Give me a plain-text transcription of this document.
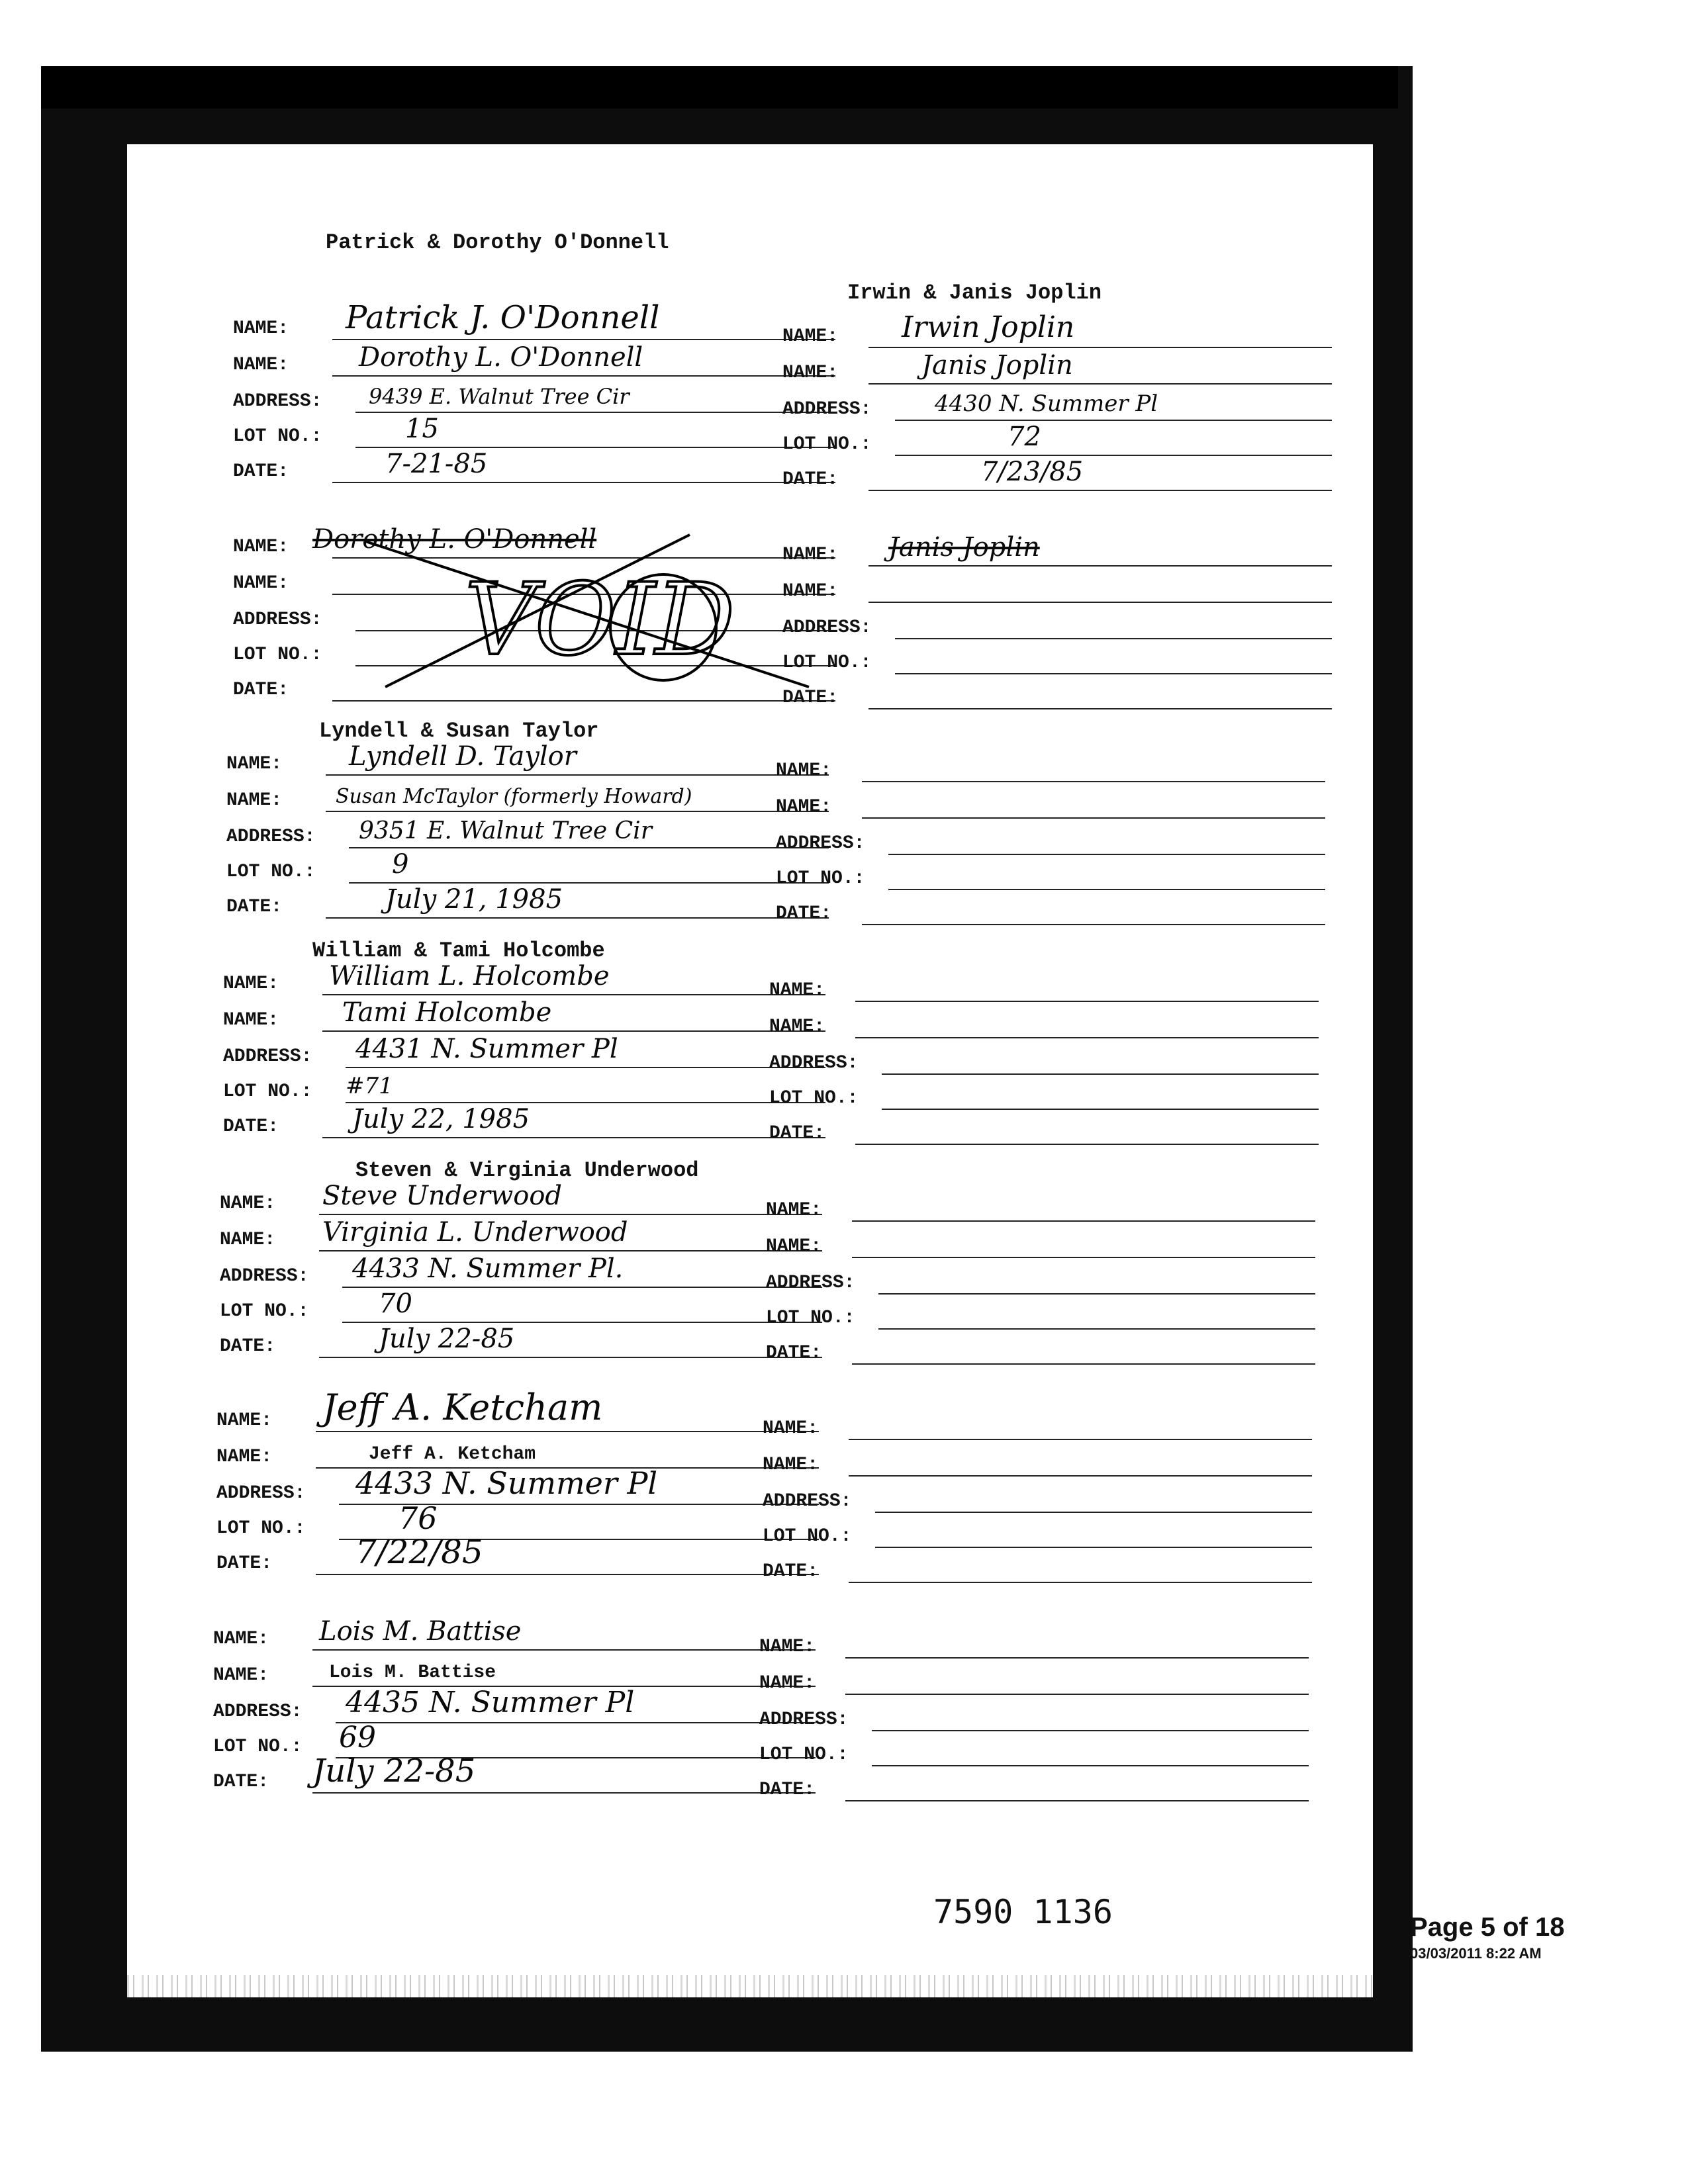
Patrick & Dorothy O'Donnell
NAME: Patrick J. O'Donnell
NAME:	Dorothy L. O'Donnell
ADDRESS: 9439 E. Walnut Tree Cir
LOT NO.:	15
DATE:	7-21-85
Irwin & Janis Joplin
NAME: Irwin Joplin
NAME:	Janis Joplin
ADDRESS:	4430 N. Summer Pl
LOT NO.:	72
DATE:	7/23/85
NAME: Dorothy L. O'Donnell
NAME:
ADDRESS:
LOT NO.:
DATE:
VOID
NAME: Janis Joplin
NAME:
ADDRESS:
LOT NO.:
DATE:
Lyndell & Susan Taylor
NAME:	Lyndell D. Taylor
NAME:	Susan McTaylor (formerly Howard)
ADDRESS: 9351 E. Walnut Tree Cir
LOT NO.:	9
DATE:	July 21, 1985
NAME:
NAME:
ADDRESS:
LOT NO.:
DATE:
William & Tami Holcombe
NAME: William L. Holcombe
NAME: Tami Holcombe
ADDRESS: 4431 N. Summer Pl
LOT NO.: #71
DATE:	July 22, 1985
NAME:
NAME:
ADDRESS:
LOT NO.:
DATE:
Steven & Virginia Underwood
NAME: Steve Underwood
NAME: Virginia L. Underwood
ADDRESS: 4433 N. Summer Pl.
LOT NO.:	70
DATE:	July 22-85
NAME:
NAME:
ADDRESS:
LOT NO.:
DATE:
NAME: Jeff A. Ketcham
NAME:	Jeff A. Ketcham
ADDRESS: 4433 N. Summer Pl
LOT NO.:	76
DATE:	7/22/85
NAME:
NAME:
ADDRESS:
LOT NO.:
DATE:
NAME: Lois M. Battise
NAME:	Lois M. Battise
ADDRESS: 4435 N. Summer Pl
LOT NO.: 69
DATE: July 22-85
NAME:
NAME:
ADDRESS:
LOT NO.:
DATE:
7590 1136	Page 5 of 18
03/03/2011 8:22 AM
